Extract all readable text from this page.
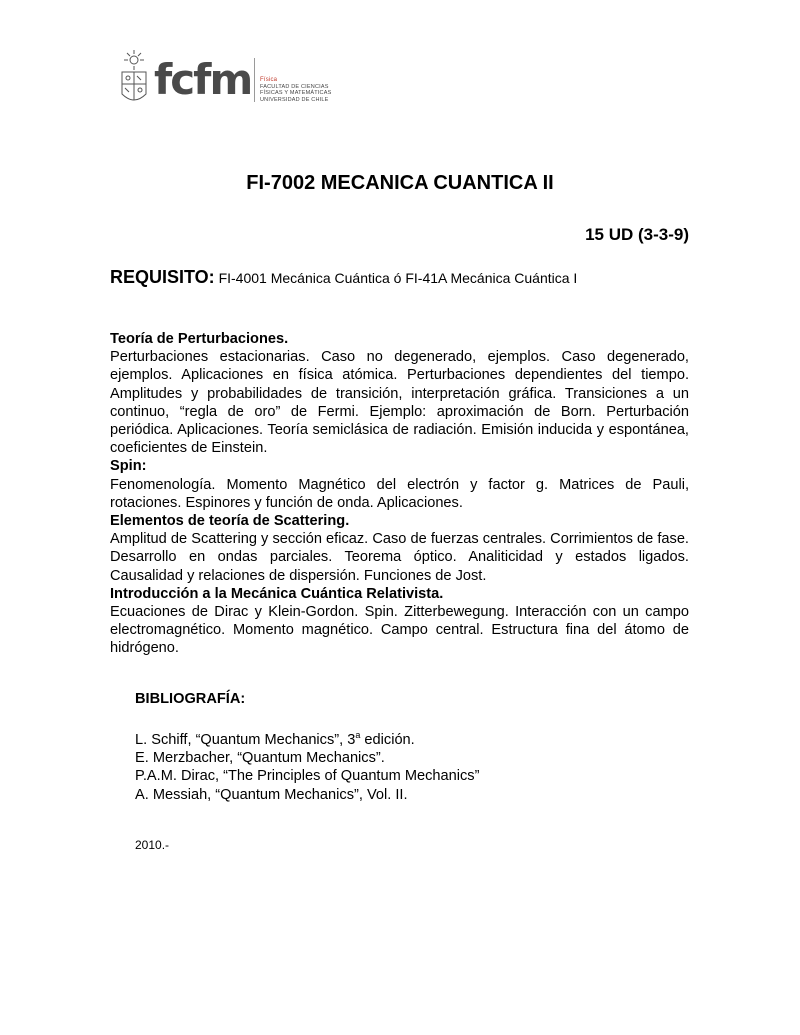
fcfm Física
FACULTAD DE CIENCIAS
FÍSICAS Y MATEMÁTICAS
UNIVERSIDAD DE CHILE
FI-7002 MECANICA CUANTICA II
15 UD (3-3-9)
REQUISITO: FI-4001 Mecánica Cuántica ó FI-41A Mecánica Cuántica I
Teoría de Perturbaciones.
Perturbaciones estacionarias. Caso no degenerado, ejemplos. Caso degenerado, ejemplos. Aplicaciones en física atómica. Perturbaciones dependientes del tiempo. Amplitudes y probabilidades de transición, interpretación gráfica. Transiciones a un continuo, “regla de oro” de Fermi. Ejemplo: aproximación de Born. Perturbación periódica. Aplicaciones. Teoría semiclásica de radiación. Emisión inducida y espontánea, coeficientes de Einstein.
Spin:
Fenomenología. Momento Magnético del electrón y factor g. Matrices de Pauli, rotaciones. Espinores y función de onda. Aplicaciones.
Elementos de teoría de Scattering.
Amplitud de Scattering y sección eficaz. Caso de fuerzas centrales. Corrimientos de fase. Desarrollo en ondas parciales. Teorema óptico. Analiticidad y estados ligados. Causalidad y relaciones de dispersión. Funciones de Jost.
Introducción a la Mecánica Cuántica Relativista.
Ecuaciones de Dirac y Klein-Gordon. Spin. Zitterbewegung. Interacción con un campo electromagnético. Momento magnético. Campo central. Estructura fina del átomo de hidrógeno.
BIBLIOGRAFÍA:
L. Schiff, “Quantum Mechanics”, 3$^a$ edición.
E. Merzbacher, “Quantum Mechanics”.
P.A.M. Dirac, “The Principles of Quantum Mechanics”
A. Messiah, “Quantum Mechanics”, Vol. II.
2010.-
